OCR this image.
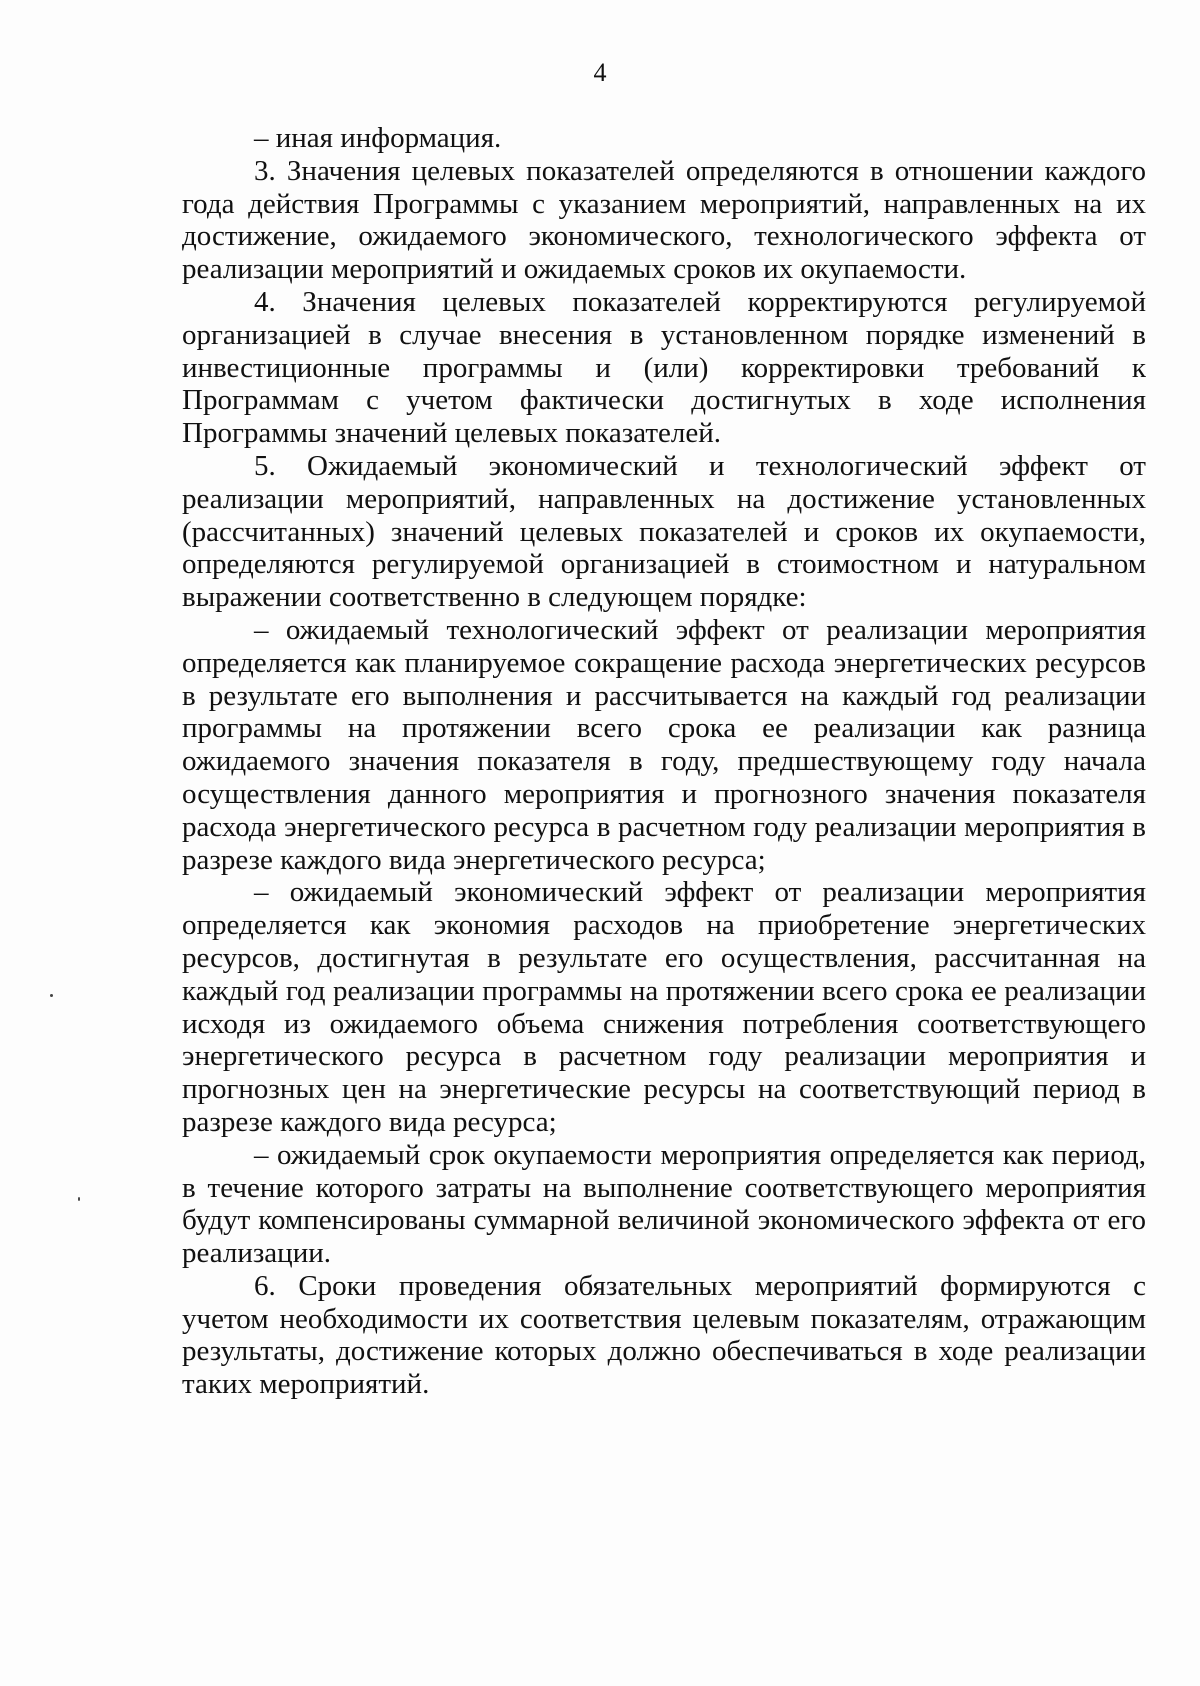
4

– иная информация.

3. Значения целевых показателей определяются в отношении каждого года действия Программы с указанием мероприятий, направленных на их достижение, ожидаемого экономического, технологического эффекта от реализации мероприятий и ожидаемых сроков их окупаемости.

4. Значения целевых показателей корректируются регулируемой организацией в случае внесения в установленном порядке изменений в инвестиционные программы и (или) корректировки требований к Программам с учетом фактически достигнутых в ходе исполнения Программы значений целевых показателей.

5. Ожидаемый экономический и технологический эффект от реализации мероприятий, направленных на достижение установленных (рассчитанных) значений целевых показателей и сроков их окупаемости, определяются регулируемой организацией в стоимостном и натуральном выражении соответственно в следующем порядке:

– ожидаемый технологический эффект от реализации мероприятия определяется как планируемое сокращение расхода энергетических ресурсов в результате его выполнения и рассчитывается на каждый год реализации программы на протяжении всего срока ее реализации как разница ожидаемого значения показателя в году, предшествующему году начала осуществления данного мероприятия и прогнозного значения показателя расхода энергетического ресурса в расчетном году реализации мероприятия в разрезе каждого вида энергетического ресурса;

– ожидаемый экономический эффект от реализации мероприятия определяется как экономия расходов на приобретение энергетических ресурсов, достигнутая в результате его осуществления, рассчитанная на каждый год реализации программы на протяжении всего срока ее реализации исходя из ожидаемого объема снижения потребления соответствующего энергетического ресурса в расчетном году реализации мероприятия и прогнозных цен на энергетические ресурсы на соответствующий период в разрезе каждого вида ресурса;

– ожидаемый срок окупаемости мероприятия определяется как период, в течение которого затраты на выполнение соответствующего мероприятия будут компенсированы суммарной величиной экономического эффекта от его реализации.

6. Сроки проведения обязательных мероприятий формируются с учетом необходимости их соответствия целевым показателям, отражающим результаты, достижение которых должно обеспечиваться в ходе реализации таких мероприятий.
